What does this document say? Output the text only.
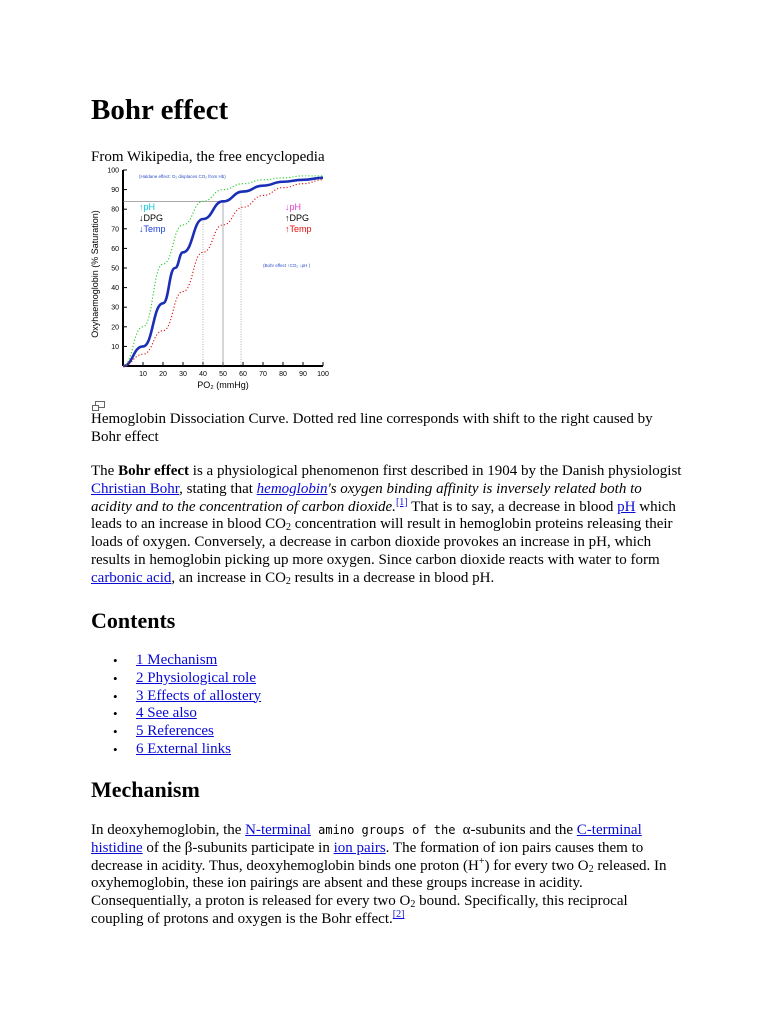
Bohr effect
From Wikipedia, the free encyclopedia
10 20 30 40 50 60 70 80 90 100
10
20
30
40
50
60
70
80
90
100
PO₂ (mmHg)
Oxyhaemoglobin (% Saturation)
(Haldane effect: O₂ displaces CO₂ from Hb)
(Bohr effect ↑CO₂ ↓pH )
↑pH
↓DPG
↓Temp
↓pH
↑DPG
↑Temp
Hemoglobin Dissociation Curve. Dotted red line corresponds with shift to the right caused by Bohr effect

The Bohr effect is a physiological phenomenon first described in 1904 by the Danish physiologist Christian Bohr, stating that hemoglobin's oxygen binding affinity is inversely related both to acidity and to the concentration of carbon dioxide.[1] That is to say, a decrease in blood pH which leads to an increase in blood $CO_2$ concentration will result in hemoglobin proteins releasing their loads of oxygen. Conversely, a decrease in carbon dioxide provokes an increase in pH, which results in hemoglobin picking up more oxygen. Since carbon dioxide reacts with water to form carbonic acid, an increase in $CO_2$ results in a decrease in blood pH.

Contents
• 1 Mechanism
• 2 Physiological role
• 3 Effects of allostery
• 4 See also
• 5 References
• 6 External links
Mechanism

In deoxyhemoglobin, the N-terminal amino groups of the α-subunits and the C-terminal histidine of the β-subunits participate in ion pairs. The formation of ion pairs causes them to decrease in acidity. Thus, deoxyhemoglobin binds one proton (H+) for every two $O_2$ released. In oxyhemoglobin, these ion pairings are absent and these groups increase in acidity. Consequentially, a proton is released for every two $O_2$ bound. Specifically, this reciprocal coupling of protons and oxygen is the Bohr effect.[2]
